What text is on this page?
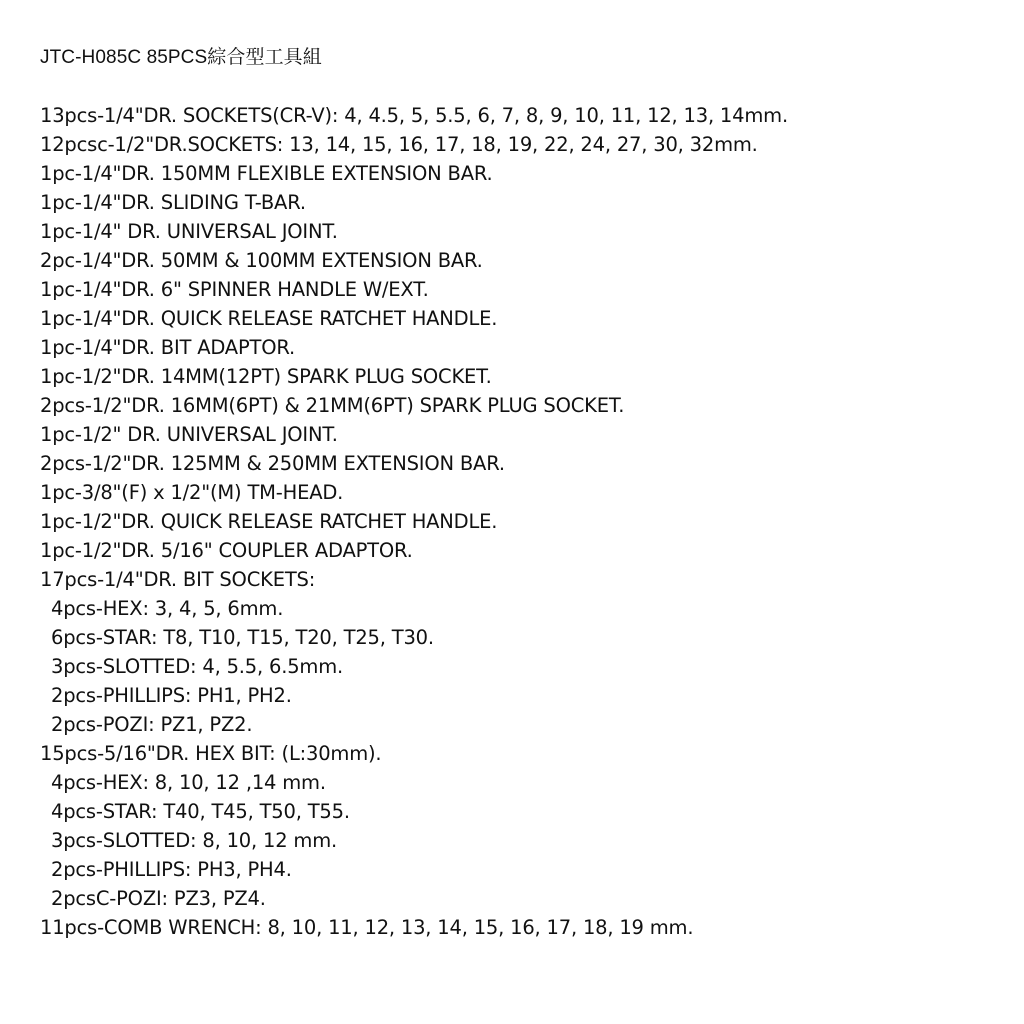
JTC-H085C 85PCS綜合型工具組
13pcs-1/4"DR. SOCKETS(CR-V): 4, 4.5, 5, 5.5, 6, 7, 8, 9, 10, 11, 12, 13, 14mm.
12pcsc-1/2"DR.SOCKETS: 13, 14, 15, 16, 17, 18, 19, 22, 24, 27, 30, 32mm.
1pc-1/4"DR. 150MM FLEXIBLE EXTENSION BAR.
1pc-1/4"DR. SLIDING T-BAR.
1pc-1/4" DR. UNIVERSAL JOINT.
2pc-1/4"DR. 50MM & 100MM EXTENSION BAR.
1pc-1/4"DR. 6" SPINNER HANDLE W/EXT.
1pc-1/4"DR. QUICK RELEASE RATCHET HANDLE.
1pc-1/4"DR. BIT ADAPTOR.
1pc-1/2"DR. 14MM(12PT) SPARK PLUG SOCKET.
2pcs-1/2"DR. 16MM(6PT) & 21MM(6PT) SPARK PLUG SOCKET.
1pc-1/2" DR. UNIVERSAL JOINT.
2pcs-1/2"DR. 125MM & 250MM EXTENSION BAR.
1pc-3/8"(F) x 1/2"(M) TM-HEAD.
1pc-1/2"DR. QUICK RELEASE RATCHET HANDLE.
1pc-1/2"DR. 5/16" COUPLER ADAPTOR.
17pcs-1/4"DR. BIT SOCKETS:
4pcs-HEX: 3, 4, 5, 6mm.
6pcs-STAR: T8, T10, T15, T20, T25, T30.
3pcs-SLOTTED: 4, 5.5, 6.5mm.
2pcs-PHILLIPS: PH1, PH2.
2pcs-POZI: PZ1, PZ2.
15pcs-5/16"DR. HEX BIT: (L:30mm).
4pcs-HEX: 8, 10, 12 ,14 mm.
4pcs-STAR: T40, T45, T50, T55.
3pcs-SLOTTED: 8, 10, 12 mm.
2pcs-PHILLIPS: PH3, PH4.
2pcsC-POZI: PZ3, PZ4.
11pcs-COMB WRENCH: 8, 10, 11, 12, 13, 14, 15, 16, 17, 18, 19 mm.
